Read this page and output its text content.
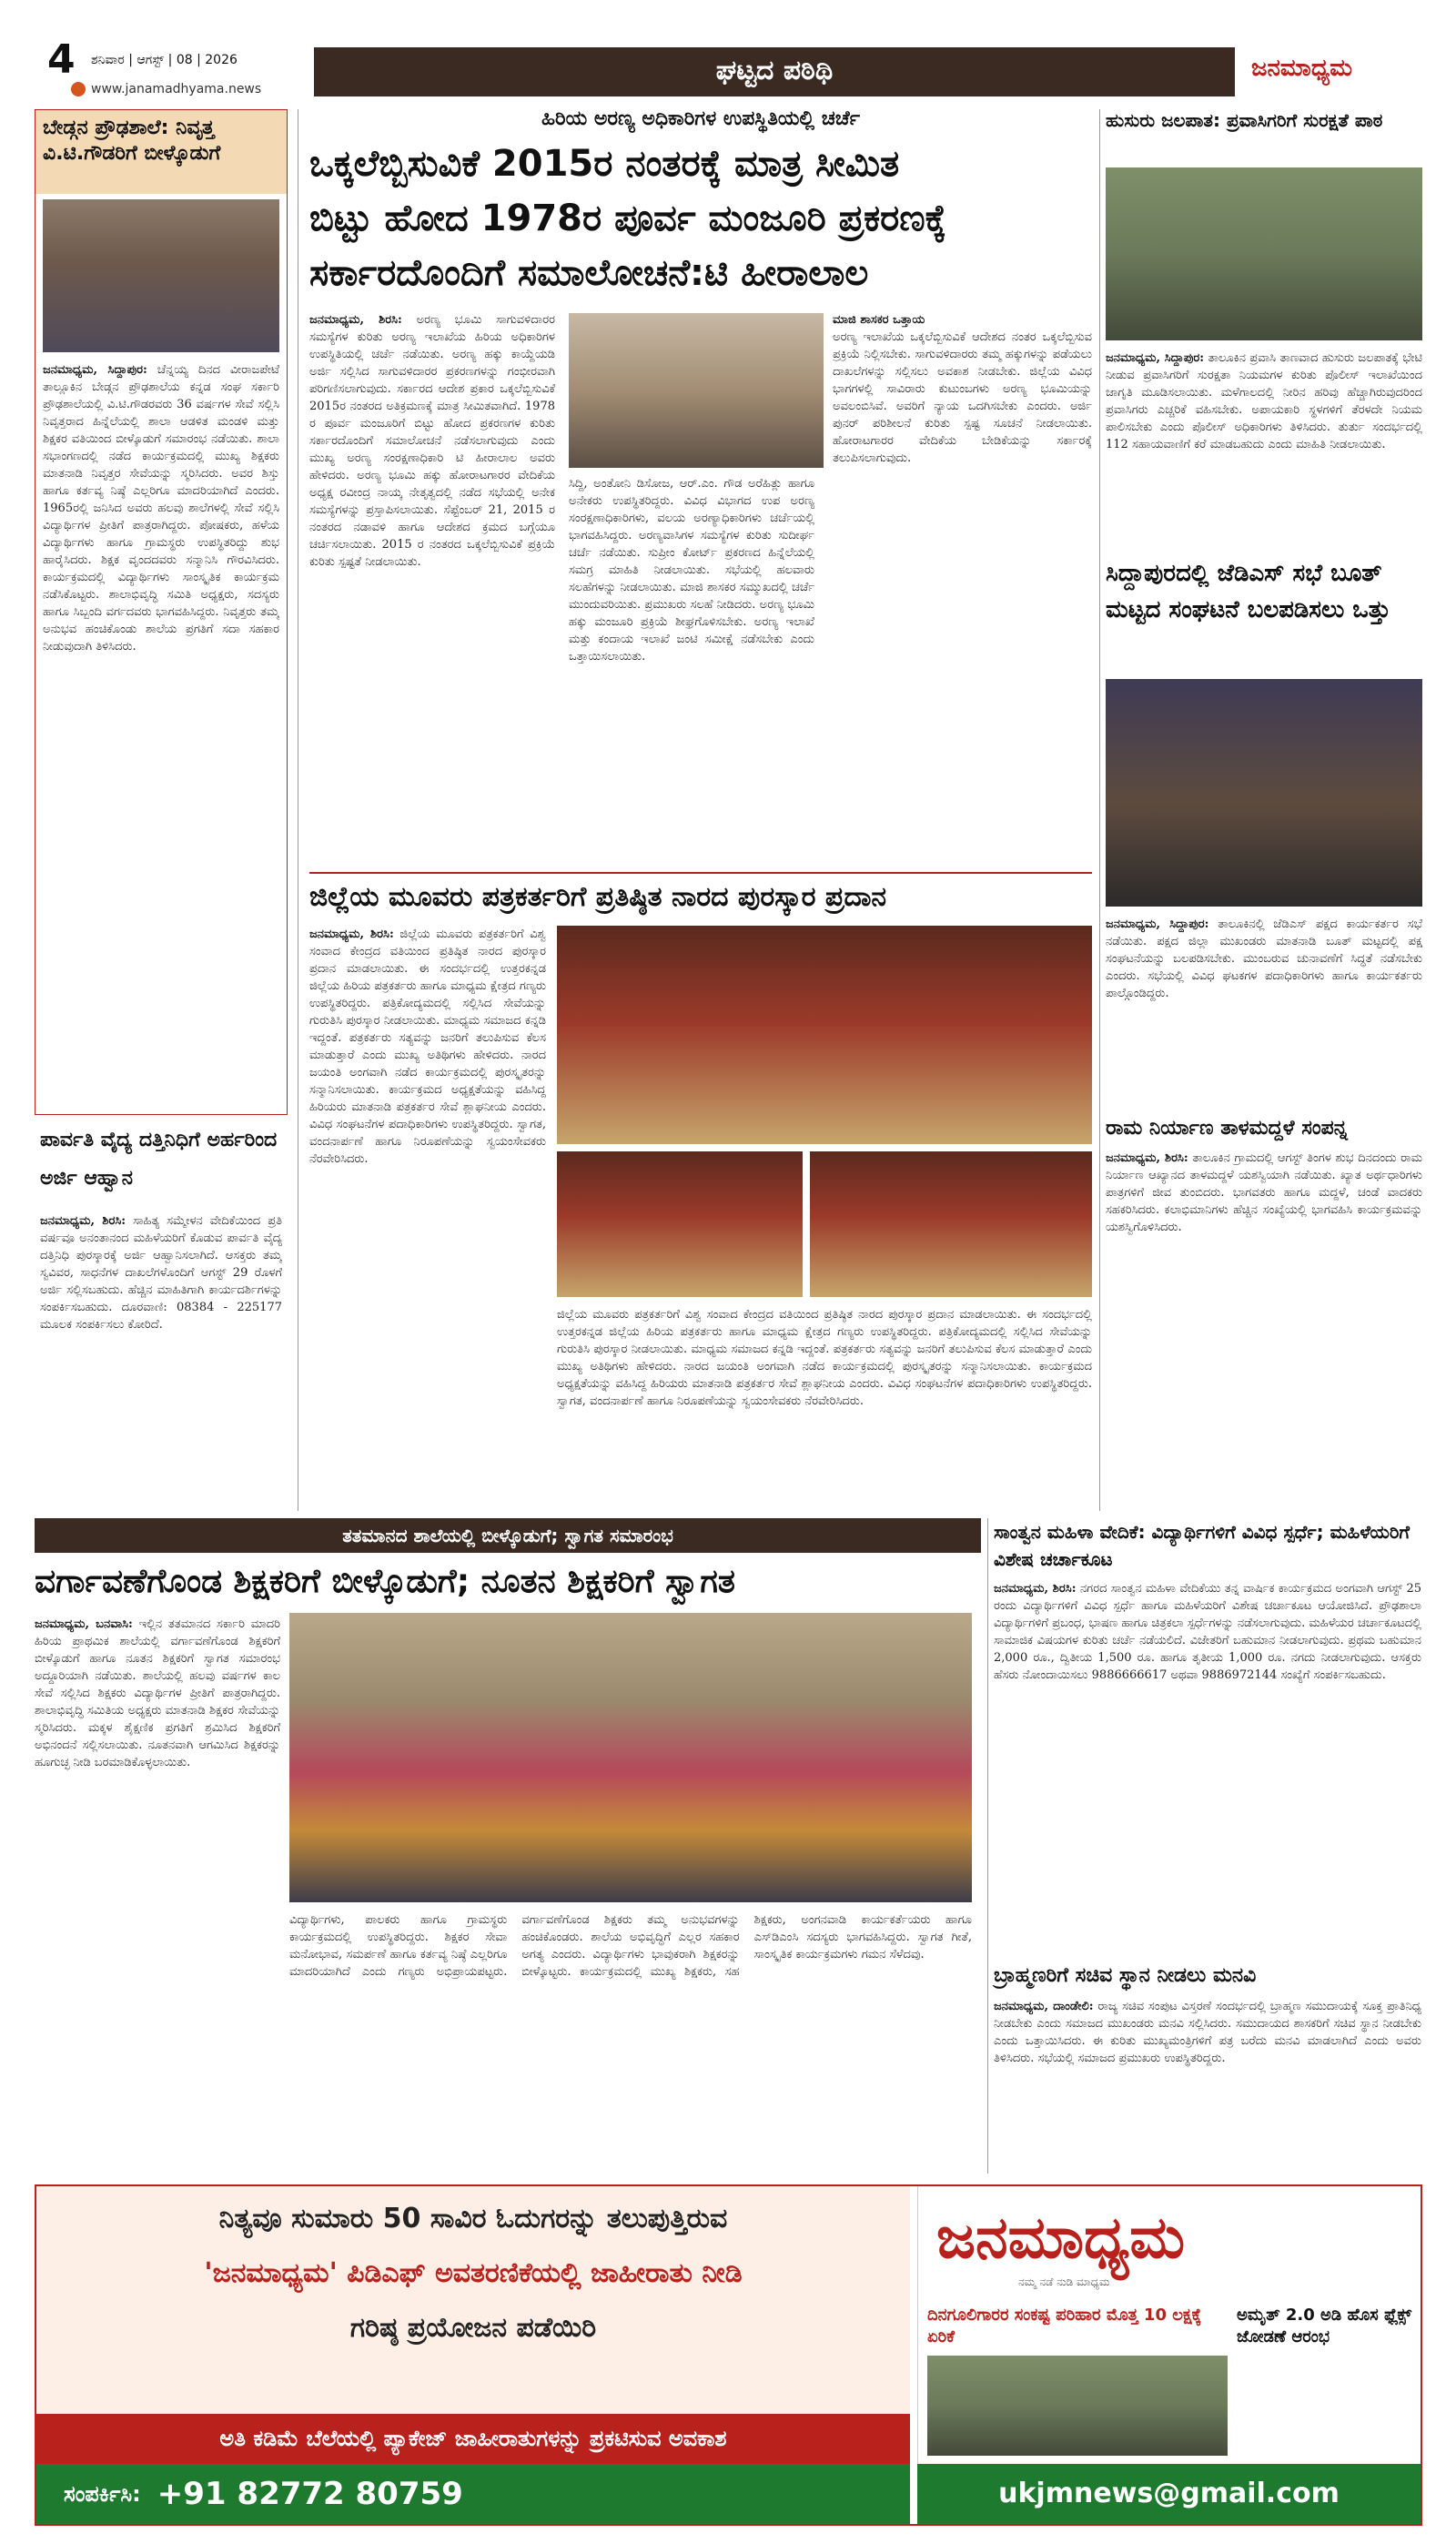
4 ಶನಿವಾರ | ಆಗಸ್ಟ್ | 08 | 2026
www.janamadhyama.news
ಘಟ್ಟದ ಪಠಿಥಿ	ಜನಮಾಧ್ಯಮ
ಬೇಡ್ಗನ ಪ್ರೌಢಶಾಲೆ: ನಿವೃತ್ತ ವಿ.ಟಿ.ಗೌಡರಿಗೆ ಬೀಳ್ಕೊಡುಗೆ
ಜನಮಾಧ್ಯಮ, ಸಿದ್ದಾಪುರ: ಚೆನ್ನಯ್ಯ ದಿನದ ವೀರಾಜಪೇಟೆ ತಾಲ್ಲೂಕಿನ ಬೇಡ್ಗನ ಪ್ರೌಢಶಾಲೆಯ ಕನ್ನಡ ಸಂಘ ಸರ್ಕಾರಿ ಪ್ರೌಢಶಾಲೆಯಲ್ಲಿ ವಿ.ಟಿ.ಗೌಡರವರು 36 ವರ್ಷಗಳ ಸೇವೆ ಸಲ್ಲಿಸಿ ನಿವೃತ್ತರಾದ ಹಿನ್ನೆಲೆಯಲ್ಲಿ ಶಾಲಾ ಆಡಳಿತ ಮಂಡಳಿ ಮತ್ತು ಶಿಕ್ಷಕರ ವತಿಯಿಂದ ಬೀಳ್ಕೊಡುಗೆ ಸಮಾರಂಭ ನಡೆಯಿತು. ಶಾಲಾ ಸಭಾಂಗಣದಲ್ಲಿ ನಡೆದ ಕಾರ್ಯಕ್ರಮದಲ್ಲಿ ಮುಖ್ಯ ಶಿಕ್ಷಕರು ಮಾತನಾಡಿ ನಿವೃತ್ತರ ಸೇವೆಯನ್ನು ಸ್ಮರಿಸಿದರು. ಅವರ ಶಿಸ್ತು ಹಾಗೂ ಕರ್ತವ್ಯ ನಿಷ್ಠೆ ಎಲ್ಲರಿಗೂ ಮಾದರಿಯಾಗಿದೆ ಎಂದರು. 1965ರಲ್ಲಿ ಜನಿಸಿದ ಅವರು ಹಲವು ಶಾಲೆಗಳಲ್ಲಿ ಸೇವೆ ಸಲ್ಲಿಸಿ ವಿದ್ಯಾರ್ಥಿಗಳ ಪ್ರೀತಿಗೆ ಪಾತ್ರರಾಗಿದ್ದರು. ಪೋಷಕರು, ಹಳೆಯ ವಿದ್ಯಾರ್ಥಿಗಳು ಹಾಗೂ ಗ್ರಾಮಸ್ಥರು ಉಪಸ್ಥಿತರಿದ್ದು ಶುಭ ಹಾರೈಸಿದರು. ಶಿಕ್ಷಕ ವೃಂದದವರು ಸನ್ಮಾನಿಸಿ ಗೌರವಿಸಿದರು. ಕಾರ್ಯಕ್ರಮದಲ್ಲಿ ವಿದ್ಯಾರ್ಥಿಗಳು ಸಾಂಸ್ಕೃತಿಕ ಕಾರ್ಯಕ್ರಮ ನಡೆಸಿಕೊಟ್ಟರು. ಶಾಲಾಭಿವೃದ್ಧಿ ಸಮಿತಿ ಅಧ್ಯಕ್ಷರು, ಸದಸ್ಯರು ಹಾಗೂ ಸಿಬ್ಬಂದಿ ವರ್ಗದವರು ಭಾಗವಹಿಸಿದ್ದರು. ನಿವೃತ್ತರು ತಮ್ಮ ಅನುಭವ ಹಂಚಿಕೊಂಡು ಶಾಲೆಯ ಪ್ರಗತಿಗೆ ಸದಾ ಸಹಕಾರ ನೀಡುವುದಾಗಿ ತಿಳಿಸಿದರು.
ಪಾರ್ವತಿ ವೈದ್ಯ ದತ್ತಿನಿಧಿಗೆ ಅರ್ಹರಿಂದ ಅರ್ಜಿ ಆಹ್ವಾನ
ಜನಮಾಧ್ಯಮ, ಶಿರಸಿ: ಸಾಹಿತ್ಯ ಸಮ್ಮೇಳನ ವೇದಿಕೆಯಿಂದ ಪ್ರತಿ ವರ್ಷವೂ ಅನಂತಾನಂದ ಮಹಿಳೆಯರಿಗೆ ಕೊಡುವ ಪಾರ್ವತಿ ವೈದ್ಯ ದತ್ತಿನಿಧಿ ಪುರಸ್ಕಾರಕ್ಕೆ ಅರ್ಜಿ ಆಹ್ವಾನಿಸಲಾಗಿದೆ. ಆಸಕ್ತರು ತಮ್ಮ ಸ್ವವಿವರ, ಸಾಧನೆಗಳ ದಾಖಲೆಗಳೊಂದಿಗೆ ಆಗಸ್ಟ್ 29 ರೊಳಗೆ ಅರ್ಜಿ ಸಲ್ಲಿಸಬಹುದು. ಹೆಚ್ಚಿನ ಮಾಹಿತಿಗಾಗಿ ಕಾರ್ಯದರ್ಶಿಗಳನ್ನು ಸಂಪರ್ಕಿಸಬಹುದು. ದೂರವಾಣಿ: 08384 - 225177 ಮೂಲಕ ಸಂಪರ್ಕಿಸಲು ಕೋರಿದೆ.
ಹಿರಿಯ ಅರಣ್ಯ ಅಧಿಕಾರಿಗಳ ಉಪಸ್ಥಿತಿಯಲ್ಲಿ ಚರ್ಚೆ
ಒಕ್ಕಲೆಬ್ಬಿಸುವಿಕೆ 2015ರ ನಂತರಕ್ಕೆ ಮಾತ್ರ ಸೀಮಿತ
ಬಿಟ್ಟು ಹೋದ 1978ರ ಪೂರ್ವ ಮಂಜೂರಿ ಪ್ರಕರಣಕ್ಕೆ
ಸರ್ಕಾರದೊಂದಿಗೆ ಸಮಾಲೋಚನೆ:ಟಿ ಹೀರಾಲಾಲ
ಜನಮಾಧ್ಯಮ, ಶಿರಸಿ: ಅರಣ್ಯ ಭೂಮಿ ಸಾಗುವಳಿದಾರರ ಸಮಸ್ಯೆಗಳ ಕುರಿತು ಅರಣ್ಯ ಇಲಾಖೆಯ ಹಿರಿಯ ಅಧಿಕಾರಿಗಳ ಉಪಸ್ಥಿತಿಯಲ್ಲಿ ಚರ್ಚೆ ನಡೆಯಿತು. ಅರಣ್ಯ ಹಕ್ಕು ಕಾಯ್ದೆಯಡಿ ಅರ್ಜಿ ಸಲ್ಲಿಸಿದ ಸಾಗುವಳಿದಾರರ ಪ್ರಕರಣಗಳನ್ನು ಗಂಭೀರವಾಗಿ ಪರಿಗಣಿಸಲಾಗುವುದು. ಸರ್ಕಾರದ ಆದೇಶ ಪ್ರಕಾರ ಒಕ್ಕಲೆಬ್ಬಿಸುವಿಕೆ 2015ರ ನಂತರದ ಅತಿಕ್ರಮಣಕ್ಕೆ ಮಾತ್ರ ಸೀಮಿತವಾಗಿದೆ. 1978 ರ ಪೂರ್ವ ಮಂಜೂರಿಗೆ ಬಿಟ್ಟು ಹೋದ ಪ್ರಕರಣಗಳ ಕುರಿತು ಸರ್ಕಾರದೊಂದಿಗೆ ಸಮಾಲೋಚನೆ ನಡೆಸಲಾಗುವುದು ಎಂದು ಮುಖ್ಯ ಅರಣ್ಯ ಸಂರಕ್ಷಣಾಧಿಕಾರಿ ಟಿ ಹೀರಾಲಾಲ ಅವರು ಹೇಳಿದರು. ಅರಣ್ಯ ಭೂಮಿ ಹಕ್ಕು ಹೋರಾಟಗಾರರ ವೇದಿಕೆಯ ಅಧ್ಯಕ್ಷ ರವೀಂದ್ರ ನಾಯ್ಕ ನೇತೃತ್ವದಲ್ಲಿ ನಡೆದ ಸಭೆಯಲ್ಲಿ ಅನೇಕ ಸಮಸ್ಯೆಗಳನ್ನು ಪ್ರಸ್ತಾಪಿಸಲಾಯಿತು. ಸೆಪ್ಟೆಂಬರ್ 21, 2015 ರ ನಂತರದ ನಡಾವಳಿ ಹಾಗೂ ಆದೇಶದ ಕ್ರಮದ ಬಗ್ಗೆಯೂ ಚರ್ಚಿಸಲಾಯಿತು. 2015 ರ ನಂತರದ ಒಕ್ಕಲೆಬ್ಬಿಸುವಿಕೆ ಪ್ರಕ್ರಿಯೆ ಕುರಿತು ಸ್ಪಷ್ಟತೆ ನೀಡಲಾಯಿತು.
ಸಿದ್ದಿ, ಅಂತೋನಿ ಡಿಸೋಜ, ಆರ್.ಎಂ. ಗೌಡ ಅರೆಹಿತ್ಲು ಹಾಗೂ ಅನೇಕರು ಉಪಸ್ಥಿತರಿದ್ದರು. ವಿವಿಧ ವಿಭಾಗದ ಉಪ ಅರಣ್ಯ ಸಂರಕ್ಷಣಾಧಿಕಾರಿಗಳು, ವಲಯ ಅರಣ್ಯಾಧಿಕಾರಿಗಳು ಚರ್ಚೆಯಲ್ಲಿ ಭಾಗವಹಿಸಿದ್ದರು. ಅರಣ್ಯವಾಸಿಗಳ ಸಮಸ್ಯೆಗಳ ಕುರಿತು ಸುದೀರ್ಘ ಚರ್ಚೆ ನಡೆಯಿತು. ಸುಪ್ರೀಂ ಕೋರ್ಟ್ ಪ್ರಕರಣದ ಹಿನ್ನೆಲೆಯಲ್ಲಿ ಸಮಗ್ರ ಮಾಹಿತಿ ನೀಡಲಾಯಿತು. ಸಭೆಯಲ್ಲಿ ಹಲವಾರು ಸಲಹೆಗಳನ್ನು ನೀಡಲಾಯಿತು. ಮಾಜಿ ಶಾಸಕರ ಸಮ್ಮುಖದಲ್ಲಿ ಚರ್ಚೆ ಮುಂದುವರಿಯಿತು. ಪ್ರಮುಖರು ಸಲಹೆ ನೀಡಿದರು. ಅರಣ್ಯ ಭೂಮಿ ಹಕ್ಕು ಮಂಜೂರಿ ಪ್ರಕ್ರಿಯೆ ಶೀಘ್ರಗೊಳಿಸಬೇಕು. ಅರಣ್ಯ ಇಲಾಖೆ ಮತ್ತು ಕಂದಾಯ ಇಲಾಖೆ ಜಂಟಿ ಸಮೀಕ್ಷೆ ನಡೆಸಬೇಕು ಎಂದು ಒತ್ತಾಯಿಸಲಾಯಿತು.
ಮಾಜಿ ಶಾಸಕರ ಒತ್ತಾಯ
ಅರಣ್ಯ ಇಲಾಖೆಯ ಒಕ್ಕಲೆಬ್ಬಿಸುವಿಕೆ ಆದೇಶದ ನಂತರ ಒಕ್ಕಲೆಬ್ಬಿಸುವ ಪ್ರಕ್ರಿಯೆ ನಿಲ್ಲಿಸಬೇಕು. ಸಾಗುವಳಿದಾರರು ತಮ್ಮ ಹಕ್ಕುಗಳನ್ನು ಪಡೆಯಲು ದಾಖಲೆಗಳನ್ನು ಸಲ್ಲಿಸಲು ಅವಕಾಶ ನೀಡಬೇಕು. ಜಿಲ್ಲೆಯ ವಿವಿಧ ಭಾಗಗಳಲ್ಲಿ ಸಾವಿರಾರು ಕುಟುಂಬಗಳು ಅರಣ್ಯ ಭೂಮಿಯನ್ನು ಅವಲಂಬಿಸಿವೆ. ಅವರಿಗೆ ನ್ಯಾಯ ಒದಗಿಸಬೇಕು ಎಂದರು. ಅರ್ಜಿ ಪುನರ್ ಪರಿಶೀಲನೆ ಕುರಿತು ಸ್ಪಷ್ಟ ಸೂಚನೆ ನೀಡಲಾಯಿತು. ಹೋರಾಟಗಾರರ ವೇದಿಕೆಯ ಬೇಡಿಕೆಯನ್ನು ಸರ್ಕಾರಕ್ಕೆ ತಲುಪಿಸಲಾಗುವುದು.
ಜಿಲ್ಲೆಯ ಮೂವರು ಪತ್ರಕರ್ತರಿಗೆ ಪ್ರತಿಷ್ಠಿತ ನಾರದ ಪುರಸ್ಕಾರ ಪ್ರದಾನ
ಜನಮಾಧ್ಯಮ, ಶಿರಸಿ: ಜಿಲ್ಲೆಯ ಮೂವರು ಪತ್ರಕರ್ತರಿಗೆ ವಿಶ್ವ ಸಂವಾದ ಕೇಂದ್ರದ ವತಿಯಿಂದ ಪ್ರತಿಷ್ಠಿತ ನಾರದ ಪುರಸ್ಕಾರ ಪ್ರದಾನ ಮಾಡಲಾಯಿತು. ಈ ಸಂದರ್ಭದಲ್ಲಿ ಉತ್ತರಕನ್ನಡ ಜಿಲ್ಲೆಯ ಹಿರಿಯ ಪತ್ರಕರ್ತರು ಹಾಗೂ ಮಾಧ್ಯಮ ಕ್ಷೇತ್ರದ ಗಣ್ಯರು ಉಪಸ್ಥಿತರಿದ್ದರು. ಪತ್ರಿಕೋದ್ಯಮದಲ್ಲಿ ಸಲ್ಲಿಸಿದ ಸೇವೆಯನ್ನು ಗುರುತಿಸಿ ಪುರಸ್ಕಾರ ನೀಡಲಾಯಿತು. ಮಾಧ್ಯಮ ಸಮಾಜದ ಕನ್ನಡಿ ಇದ್ದಂತೆ. ಪತ್ರಕರ್ತರು ಸತ್ಯವನ್ನು ಜನರಿಗೆ ತಲುಪಿಸುವ ಕೆಲಸ ಮಾಡುತ್ತಾರೆ ಎಂದು ಮುಖ್ಯ ಅತಿಥಿಗಳು ಹೇಳಿದರು. ನಾರದ ಜಯಂತಿ ಅಂಗವಾಗಿ ನಡೆದ ಕಾರ್ಯಕ್ರಮದಲ್ಲಿ ಪುರಸ್ಕೃತರನ್ನು ಸನ್ಮಾನಿಸಲಾಯಿತು. ಕಾರ್ಯಕ್ರಮದ ಅಧ್ಯಕ್ಷತೆಯನ್ನು ವಹಿಸಿದ್ದ ಹಿರಿಯರು ಮಾತನಾಡಿ ಪತ್ರಕರ್ತರ ಸೇವೆ ಶ್ಲಾಘನೀಯ ಎಂದರು. ವಿವಿಧ ಸಂಘಟನೆಗಳ ಪದಾಧಿಕಾರಿಗಳು ಉಪಸ್ಥಿತರಿದ್ದರು. ಸ್ವಾಗತ, ವಂದನಾರ್ಪಣೆ ಹಾಗೂ ನಿರೂಪಣೆಯನ್ನು ಸ್ವಯಂಸೇವಕರು ನೆರವೇರಿಸಿದರು.
ಜಿಲ್ಲೆಯ ಮೂವರು ಪತ್ರಕರ್ತರಿಗೆ ವಿಶ್ವ ಸಂವಾದ ಕೇಂದ್ರದ ವತಿಯಿಂದ ಪ್ರತಿಷ್ಠಿತ ನಾರದ ಪುರಸ್ಕಾರ ಪ್ರದಾನ ಮಾಡಲಾಯಿತು. ಈ ಸಂದರ್ಭದಲ್ಲಿ ಉತ್ತರಕನ್ನಡ ಜಿಲ್ಲೆಯ ಹಿರಿಯ ಪತ್ರಕರ್ತರು ಹಾಗೂ ಮಾಧ್ಯಮ ಕ್ಷೇತ್ರದ ಗಣ್ಯರು ಉಪಸ್ಥಿತರಿದ್ದರು. ಪತ್ರಿಕೋದ್ಯಮದಲ್ಲಿ ಸಲ್ಲಿಸಿದ ಸೇವೆಯನ್ನು ಗುರುತಿಸಿ ಪುರಸ್ಕಾರ ನೀಡಲಾಯಿತು. ಮಾಧ್ಯಮ ಸಮಾಜದ ಕನ್ನಡಿ ಇದ್ದಂತೆ. ಪತ್ರಕರ್ತರು ಸತ್ಯವನ್ನು ಜನರಿಗೆ ತಲುಪಿಸುವ ಕೆಲಸ ಮಾಡುತ್ತಾರೆ ಎಂದು ಮುಖ್ಯ ಅತಿಥಿಗಳು ಹೇಳಿದರು. ನಾರದ ಜಯಂತಿ ಅಂಗವಾಗಿ ನಡೆದ ಕಾರ್ಯಕ್ರಮದಲ್ಲಿ ಪುರಸ್ಕೃತರನ್ನು ಸನ್ಮಾನಿಸಲಾಯಿತು. ಕಾರ್ಯಕ್ರಮದ ಅಧ್ಯಕ್ಷತೆಯನ್ನು ವಹಿಸಿದ್ದ ಹಿರಿಯರು ಮಾತನಾಡಿ ಪತ್ರಕರ್ತರ ಸೇವೆ ಶ್ಲಾಘನೀಯ ಎಂದರು. ವಿವಿಧ ಸಂಘಟನೆಗಳ ಪದಾಧಿಕಾರಿಗಳು ಉಪಸ್ಥಿತರಿದ್ದರು. ಸ್ವಾಗತ, ವಂದನಾರ್ಪಣೆ ಹಾಗೂ ನಿರೂಪಣೆಯನ್ನು ಸ್ವಯಂಸೇವಕರು ನೆರವೇರಿಸಿದರು.
ಹುಸುರು ಜಲಪಾತ: ಪ್ರವಾಸಿಗರಿಗೆ ಸುರಕ್ಷತೆ ಪಾಠ
ಜನಮಾಧ್ಯಮ, ಸಿದ್ದಾಪುರ: ತಾಲೂಕಿನ ಪ್ರವಾಸಿ ತಾಣವಾದ ಹುಸುರು ಜಲಪಾತಕ್ಕೆ ಭೇಟಿ ನೀಡುವ ಪ್ರವಾಸಿಗರಿಗೆ ಸುರಕ್ಷತಾ ನಿಯಮಗಳ ಕುರಿತು ಪೊಲೀಸ್ ಇಲಾಖೆಯಿಂದ ಜಾಗೃತಿ ಮೂಡಿಸಲಾಯಿತು. ಮಳೆಗಾಲದಲ್ಲಿ ನೀರಿನ ಹರಿವು ಹೆಚ್ಚಾಗಿರುವುದರಿಂದ ಪ್ರವಾಸಿಗರು ಎಚ್ಚರಿಕೆ ವಹಿಸಬೇಕು. ಅಪಾಯಕಾರಿ ಸ್ಥಳಗಳಿಗೆ ತೆರಳದೇ ನಿಯಮ ಪಾಲಿಸಬೇಕು ಎಂದು ಪೊಲೀಸ್ ಅಧಿಕಾರಿಗಳು ತಿಳಿಸಿದರು. ತುರ್ತು ಸಂದರ್ಭದಲ್ಲಿ 112 ಸಹಾಯವಾಣಿಗೆ ಕರೆ ಮಾಡಬಹುದು ಎಂದು ಮಾಹಿತಿ ನೀಡಲಾಯಿತು.
ಸಿದ್ದಾಪುರದಲ್ಲಿ ಜೆಡಿಎಸ್ ಸಭೆ ಬೂತ್ ಮಟ್ಟದ ಸಂಘಟನೆ ಬಲಪಡಿಸಲು ಒತ್ತು
ಜನಮಾಧ್ಯಮ, ಸಿದ್ದಾಪುರ: ತಾಲೂಕಿನಲ್ಲಿ ಜೆಡಿಎಸ್ ಪಕ್ಷದ ಕಾರ್ಯಕರ್ತರ ಸಭೆ ನಡೆಯಿತು. ಪಕ್ಷದ ಜಿಲ್ಲಾ ಮುಖಂಡರು ಮಾತನಾಡಿ ಬೂತ್ ಮಟ್ಟದಲ್ಲಿ ಪಕ್ಷ ಸಂಘಟನೆಯನ್ನು ಬಲಪಡಿಸಬೇಕು. ಮುಂಬರುವ ಚುನಾವಣೆಗೆ ಸಿದ್ಧತೆ ನಡೆಸಬೇಕು ಎಂದರು. ಸಭೆಯಲ್ಲಿ ವಿವಿಧ ಘಟಕಗಳ ಪದಾಧಿಕಾರಿಗಳು ಹಾಗೂ ಕಾರ್ಯಕರ್ತರು ಪಾಲ್ಗೊಂಡಿದ್ದರು.
ರಾಮ ನಿರ್ಯಾಣ ತಾಳಮದ್ದಳೆ ಸಂಪನ್ನ
ಜನಮಾಧ್ಯಮ, ಶಿರಸಿ: ತಾಲೂಕಿನ ಗ್ರಾಮದಲ್ಲಿ ಆಗಸ್ಟ್ ತಿಂಗಳ ಶುಭ ದಿನದಂದು ರಾಮ ನಿರ್ಯಾಣ ಆಖ್ಯಾನದ ತಾಳಮದ್ದಳೆ ಯಶಸ್ವಿಯಾಗಿ ನಡೆಯಿತು. ಖ್ಯಾತ ಅರ್ಥಧಾರಿಗಳು ಪಾತ್ರಗಳಿಗೆ ಜೀವ ತುಂಬಿದರು. ಭಾಗವತರು ಹಾಗೂ ಮದ್ದಳೆ, ಚಂಡೆ ವಾದಕರು ಸಹಕರಿಸಿದರು. ಕಲಾಭಿಮಾನಿಗಳು ಹೆಚ್ಚಿನ ಸಂಖ್ಯೆಯಲ್ಲಿ ಭಾಗವಹಿಸಿ ಕಾರ್ಯಕ್ರಮವನ್ನು ಯಶಸ್ವಿಗೊಳಿಸಿದರು.
ತತಮಾನದ ಶಾಲೆಯಲ್ಲಿ ಬೀಳ್ಕೊಡುಗೆ; ಸ್ವಾಗತ ಸಮಾರಂಭ
ವರ್ಗಾವಣೆಗೊಂಡ ಶಿಕ್ಷಕರಿಗೆ ಬೀಳ್ಕೊಡುಗೆ; ನೂತನ ಶಿಕ್ಷಕರಿಗೆ ಸ್ವಾಗತ
ಜನಮಾಧ್ಯಮ, ಬನವಾಸಿ: ಇಲ್ಲಿನ ತತಮಾನದ ಸರ್ಕಾರಿ ಮಾದರಿ ಹಿರಿಯ ಪ್ರಾಥಮಿಕ ಶಾಲೆಯಲ್ಲಿ ವರ್ಗಾವಣೆಗೊಂಡ ಶಿಕ್ಷಕರಿಗೆ ಬೀಳ್ಕೊಡುಗೆ ಹಾಗೂ ನೂತನ ಶಿಕ್ಷಕರಿಗೆ ಸ್ವಾಗತ ಸಮಾರಂಭ ಅದ್ದೂರಿಯಾಗಿ ನಡೆಯಿತು. ಶಾಲೆಯಲ್ಲಿ ಹಲವು ವರ್ಷಗಳ ಕಾಲ ಸೇವೆ ಸಲ್ಲಿಸಿದ ಶಿಕ್ಷಕರು ವಿದ್ಯಾರ್ಥಿಗಳ ಪ್ರೀತಿಗೆ ಪಾತ್ರರಾಗಿದ್ದರು. ಶಾಲಾಭಿವೃದ್ಧಿ ಸಮಿತಿಯ ಅಧ್ಯಕ್ಷರು ಮಾತನಾಡಿ ಶಿಕ್ಷಕರ ಸೇವೆಯನ್ನು ಸ್ಮರಿಸಿದರು. ಮಕ್ಕಳ ಶೈಕ್ಷಣಿಕ ಪ್ರಗತಿಗೆ ಶ್ರಮಿಸಿದ ಶಿಕ್ಷಕರಿಗೆ ಅಭಿನಂದನೆ ಸಲ್ಲಿಸಲಾಯಿತು. ನೂತನವಾಗಿ ಆಗಮಿಸಿದ ಶಿಕ್ಷಕರನ್ನು ಹೂಗುಚ್ಛ ನೀಡಿ ಬರಮಾಡಿಕೊಳ್ಳಲಾಯಿತು.
ವಿದ್ಯಾರ್ಥಿಗಳು, ಪಾಲಕರು ಹಾಗೂ ಗ್ರಾಮಸ್ಥರು ಕಾರ್ಯಕ್ರಮದಲ್ಲಿ ಉಪಸ್ಥಿತರಿದ್ದರು. ಶಿಕ್ಷಕರ ಸೇವಾ ಮನೋಭಾವ, ಸಮರ್ಪಣೆ ಹಾಗೂ ಕರ್ತವ್ಯ ನಿಷ್ಠೆ ಎಲ್ಲರಿಗೂ ಮಾದರಿಯಾಗಿದೆ ಎಂದು ಗಣ್ಯರು ಅಭಿಪ್ರಾಯಪಟ್ಟರು. ವರ್ಗಾವಣೆಗೊಂಡ ಶಿಕ್ಷಕರು ತಮ್ಮ ಅನುಭವಗಳನ್ನು ಹಂಚಿಕೊಂಡರು. ಶಾಲೆಯ ಅಭಿವೃದ್ಧಿಗೆ ಎಲ್ಲರ ಸಹಕಾರ ಅಗತ್ಯ ಎಂದರು. ವಿದ್ಯಾರ್ಥಿಗಳು ಭಾವುಕರಾಗಿ ಶಿಕ್ಷಕರನ್ನು ಬೀಳ್ಕೊಟ್ಟರು. ಕಾರ್ಯಕ್ರಮದಲ್ಲಿ ಮುಖ್ಯ ಶಿಕ್ಷಕರು, ಸಹ ಶಿಕ್ಷಕರು, ಅಂಗನವಾಡಿ ಕಾರ್ಯಕರ್ತೆಯರು ಹಾಗೂ ಎಸ್‌ಡಿಎಂಸಿ ಸದಸ್ಯರು ಭಾಗವಹಿಸಿದ್ದರು. ಸ್ವಾಗತ ಗೀತೆ, ಸಾಂಸ್ಕೃತಿಕ ಕಾರ್ಯಕ್ರಮಗಳು ಗಮನ ಸೆಳೆದವು.
ಸಾಂತ್ವನ ಮಹಿಳಾ ವೇದಿಕೆ: ವಿದ್ಯಾರ್ಥಿಗಳಿಗೆ ವಿವಿಧ ಸ್ಪರ್ಧೆ; ಮಹಿಳೆಯರಿಗೆ ವಿಶೇಷ ಚರ್ಚಾಕೂಟ
ಜನಮಾಧ್ಯಮ, ಶಿರಸಿ: ನಗರದ ಸಾಂತ್ವನ ಮಹಿಳಾ ವೇದಿಕೆಯು ತನ್ನ ವಾರ್ಷಿಕ ಕಾರ್ಯಕ್ರಮದ ಅಂಗವಾಗಿ ಆಗಸ್ಟ್ 25 ರಂದು ವಿದ್ಯಾರ್ಥಿಗಳಿಗೆ ವಿವಿಧ ಸ್ಪರ್ಧೆ ಹಾಗೂ ಮಹಿಳೆಯರಿಗೆ ವಿಶೇಷ ಚರ್ಚಾಕೂಟ ಆಯೋಜಿಸಿದೆ. ಪ್ರೌಢಶಾಲಾ ವಿದ್ಯಾರ್ಥಿಗಳಿಗೆ ಪ್ರಬಂಧ, ಭಾಷಣ ಹಾಗೂ ಚಿತ್ರಕಲಾ ಸ್ಪರ್ಧೆಗಳನ್ನು ನಡೆಸಲಾಗುವುದು. ಮಹಿಳೆಯರ ಚರ್ಚಾಕೂಟದಲ್ಲಿ ಸಾಮಾಜಿಕ ವಿಷಯಗಳ ಕುರಿತು ಚರ್ಚೆ ನಡೆಯಲಿದೆ. ವಿಜೇತರಿಗೆ ಬಹುಮಾನ ನೀಡಲಾಗುವುದು. ಪ್ರಥಮ ಬಹುಮಾನ 2,000 ರೂ., ದ್ವಿತೀಯ 1,500 ರೂ. ಹಾಗೂ ತೃತೀಯ 1,000 ರೂ. ನಗದು ನೀಡಲಾಗುವುದು. ಆಸಕ್ತರು ಹೆಸರು ನೋಂದಾಯಿಸಲು 9886666617 ಅಥವಾ 9886972144 ಸಂಖ್ಯೆಗೆ ಸಂಪರ್ಕಿಸಬಹುದು.
ಬ್ರಾಹ್ಮಣರಿಗೆ ಸಚಿವ ಸ್ಥಾನ ನೀಡಲು ಮನವಿ
ಜನಮಾಧ್ಯಮ, ದಾಂಡೇಲಿ: ರಾಜ್ಯ ಸಚಿವ ಸಂಪುಟ ವಿಸ್ತರಣೆ ಸಂದರ್ಭದಲ್ಲಿ ಬ್ರಾಹ್ಮಣ ಸಮುದಾಯಕ್ಕೆ ಸೂಕ್ತ ಪ್ರಾತಿನಿಧ್ಯ ನೀಡಬೇಕು ಎಂದು ಸಮಾಜದ ಮುಖಂಡರು ಮನವಿ ಸಲ್ಲಿಸಿದರು. ಸಮುದಾಯದ ಶಾಸಕರಿಗೆ ಸಚಿವ ಸ್ಥಾನ ನೀಡಬೇಕು ಎಂದು ಒತ್ತಾಯಿಸಿದರು. ಈ ಕುರಿತು ಮುಖ್ಯಮಂತ್ರಿಗಳಿಗೆ ಪತ್ರ ಬರೆದು ಮನವಿ ಮಾಡಲಾಗಿದೆ ಎಂದು ಅವರು ತಿಳಿಸಿದರು. ಸಭೆಯಲ್ಲಿ ಸಮಾಜದ ಪ್ರಮುಖರು ಉಪಸ್ಥಿತರಿದ್ದರು.
ನಿತ್ಯವೂ ಸುಮಾರು 50 ಸಾವಿರ ಓದುಗರನ್ನು ತಲುಪುತ್ತಿರುವ
'ಜನಮಾಧ್ಯಮ' ಪಿಡಿಎಫ್ ಅವತರಣಿಕೆಯಲ್ಲಿ ಜಾಹೀರಾತು ನೀಡಿ
ಗರಿಷ್ಠ ಪ್ರಯೋಜನ ಪಡೆಯಿರಿ
ಅತಿ ಕಡಿಮೆ ಬೆಲೆಯಲ್ಲಿ ಪ್ಯಾಕೇಜ್ ಜಾಹೀರಾತುಗಳನ್ನು ಪ್ರಕಟಿಸುವ ಅವಕಾಶ
ಸಂಪರ್ಕಿಸಿ: +91 82772 80759
ಜನಮಾಧ್ಯಮ
ನಮ್ಮ ನಡೆ ನುಡಿ ಮಾಧ್ಯಮ
ದಿನಗೂಲಿಗಾರರ ಸಂಕಷ್ಟ ಪರಿಹಾರ ಮೊತ್ತ 10 ಲಕ್ಷಕ್ಕೆ ಏರಿಕೆ
ಅಮೃತ್ 2.0 ಅಡಿ ಹೊಸ ಫ್ಲೆಕ್ಸ್ ಜೋಡಣೆ ಆರಂಭ
ukjmnews@gmail.com
